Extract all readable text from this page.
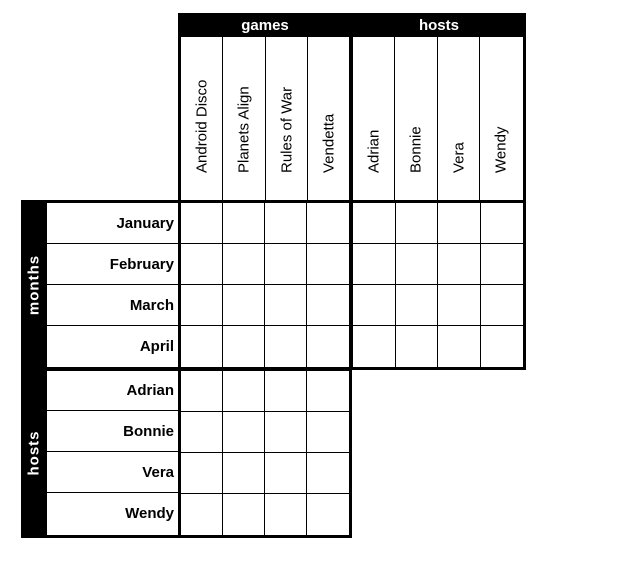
games	hosts
Android Disco Planets Align Rules of War Vendetta Adrian Bonnie Vera Wendy
months
hosts
January
February
March
April
Adrian
Bonnie
Vera
Wendy
